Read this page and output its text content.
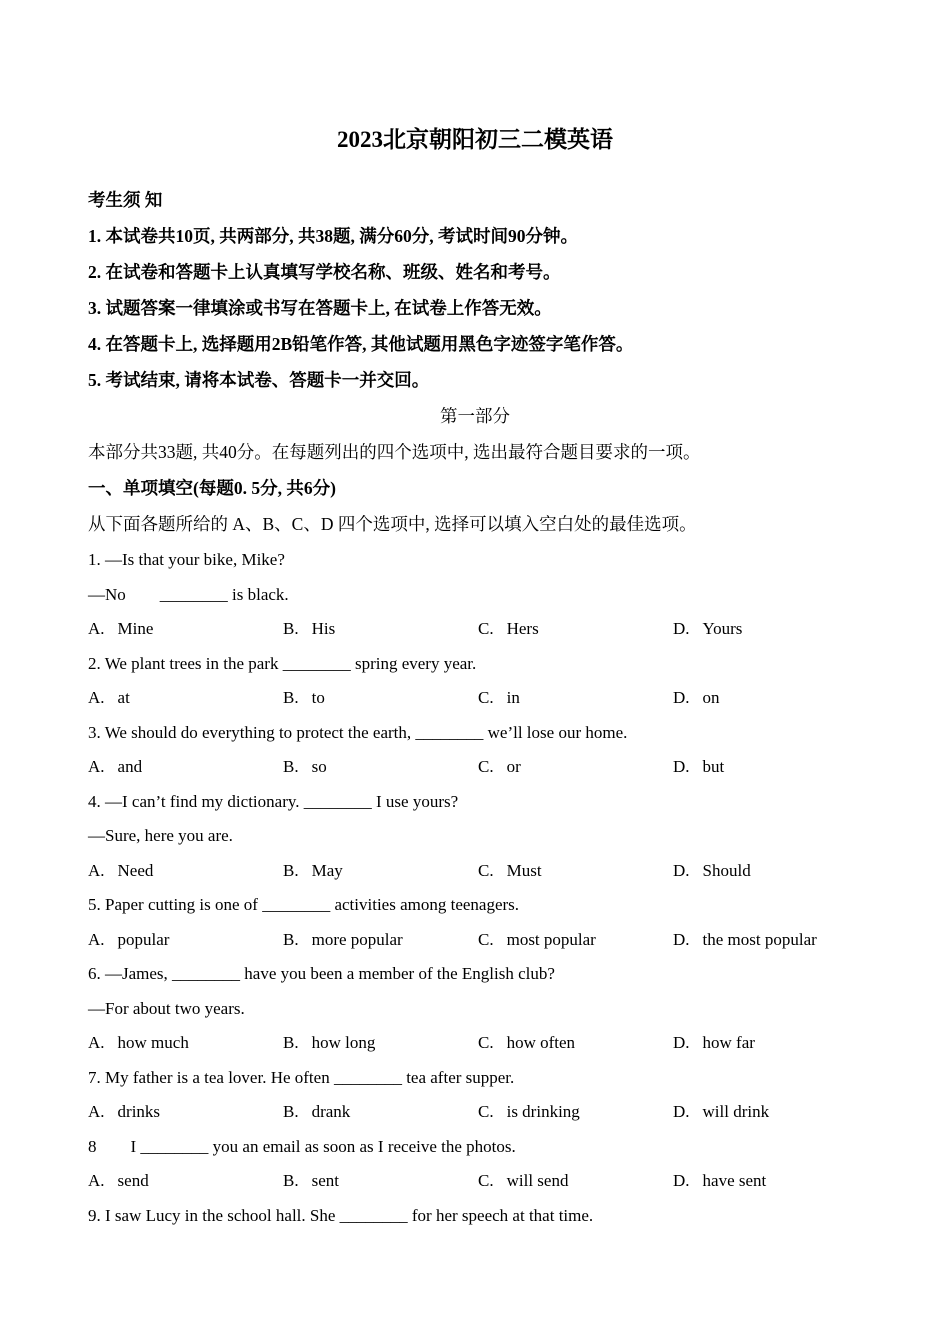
2023北京朝阳初三二模英语
考生须 知
1. 本试卷共10页, 共两部分, 共38题, 满分60分, 考试时间90分钟。
2. 在试卷和答题卡上认真填写学校名称、班级、姓名和考号。
3. 试题答案一律填涂或书写在答题卡上, 在试卷上作答无效。
4. 在答题卡上, 选择题用2B铅笔作答, 其他试题用黑色字迹签字笔作答。
5. 考试结束, 请将本试卷、答题卡一并交回。
第一部分
本部分共33题, 共40分。在每题列出的四个选项中, 选出最符合题目要求的一项。
一、单项填空(每题0. 5分, 共6分)
从下面各题所给的 A、B、C、D 四个选项中, 选择可以填入空白处的最佳选项。
1. —Is that your bike, Mike?
—No        ________ is black.
A. Mine	B. His	C. Hers	D. Yours
2. We plant trees in the park ________ spring every year.
A. at	B. to	C. in	D. on
3. We should do everything to protect the earth, ________ we’ll lose our home.
A. and	B. so	C. or	D. but
4. —I can’t find my dictionary. ________ I use yours?
—Sure, here you are.
A. Need	B. May	C. Must	D. Should
5. Paper cutting is one of ________ activities among teenagers.
A. popular	B. more popular	C. most popular	D. the most popular
6. —James, ________ have you been a member of the English club?
—For about two years.
A. how much	B. how long	C. how often	D. how far
7. My father is a tea lover. He often ________ tea after supper.
A. drinks	B. drank	C. is drinking	D. will drink
8        I ________ you an email as soon as I receive the photos.
A. send	B. sent	C. will send	D. have sent
9. I saw Lucy in the school hall. She ________ for her speech at that time.
